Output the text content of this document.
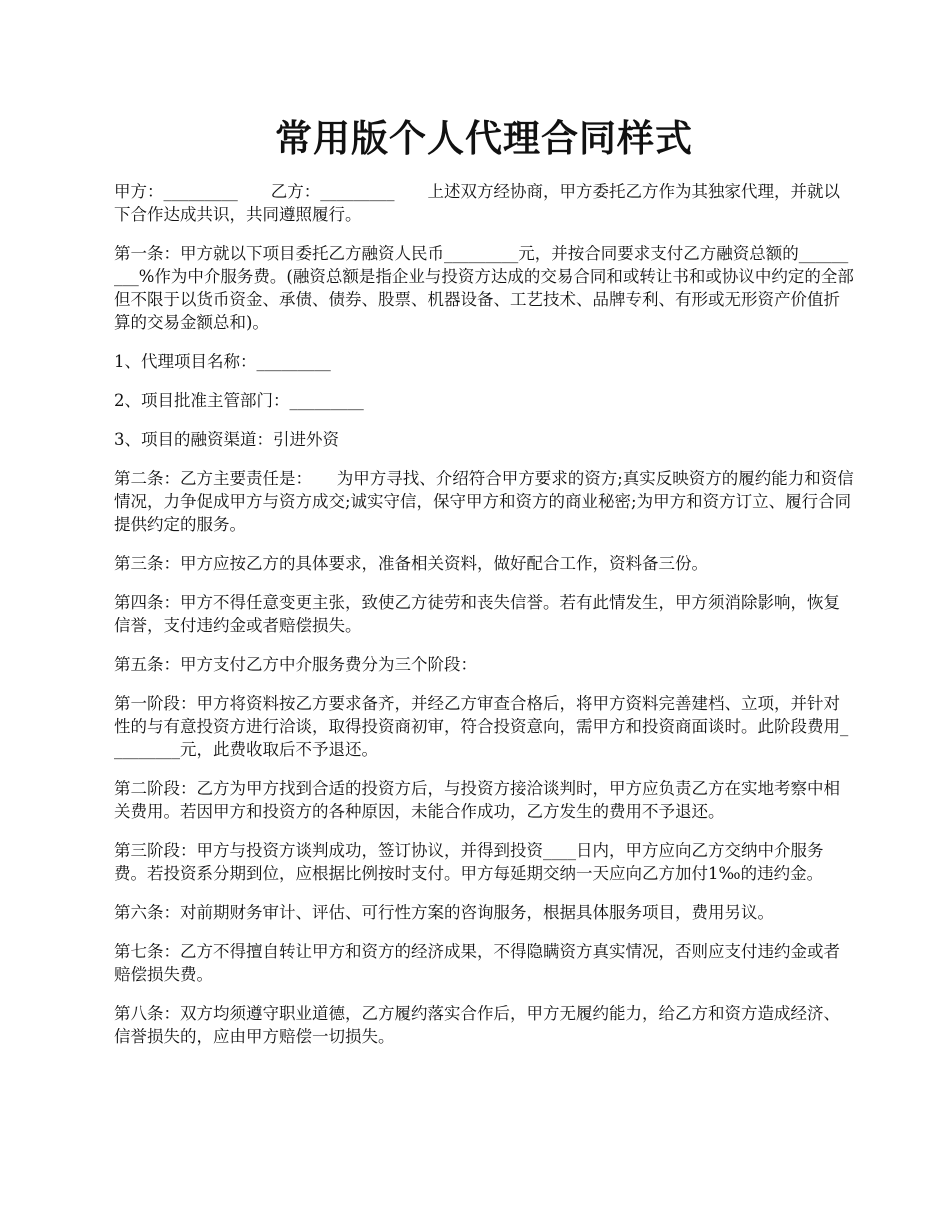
常用版个人代理合同样式

甲方：_________　　乙方：_________　　上述双方经协商，甲方委托乙方作为其独家代理，并就以下合作达成共识，共同遵照履行。

第一条：甲方就以下项目委托乙方融资人民币_________元，并按合同要求支付乙方融资总额的_________%作为中介服务费。(融资总额是指企业与投资方达成的交易合同和或转让书和或协议中约定的全部但不限于以货币资金、承债、债券、股票、机器设备、工艺技术、品牌专利、有形或无形资产价值折算的交易金额总和)。

1、代理项目名称：_________

2、项目批准主管部门：_________

3、项目的融资渠道：引进外资

第二条：乙方主要责任是：　　为甲方寻找、介绍符合甲方要求的资方;真实反映资方的履约能力和资信情况，力争促成甲方与资方成交;诚实守信，保守甲方和资方的商业秘密;为甲方和资方订立、履行合同提供约定的服务。

第三条：甲方应按乙方的具体要求，准备相关资料，做好配合工作，资料备三份。

第四条：甲方不得任意变更主张，致使乙方徒劳和丧失信誉。若有此情发生，甲方须消除影响，恢复信誉，支付违约金或者赔偿损失。

第五条：甲方支付乙方中介服务费分为三个阶段：

第一阶段：甲方将资料按乙方要求备齐，并经乙方审查合格后，将甲方资料完善建档、立项，并针对性的与有意投资方进行洽谈，取得投资商初审，符合投资意向，需甲方和投资商面谈时。此阶段费用_________元，此费收取后不予退还。

第二阶段：乙方为甲方找到合适的投资方后，与投资方接洽谈判时，甲方应负责乙方在实地考察中相关费用。若因甲方和投资方的各种原因，未能合作成功，乙方发生的费用不予退还。

第三阶段：甲方与投资方谈判成功，签订协议，并得到投资____日内，甲方应向乙方交纳中介服务费。若投资系分期到位，应根据比例按时支付。甲方每延期交纳一天应向乙方加付1‰的违约金。

第六条：对前期财务审计、评估、可行性方案的咨询服务，根据具体服务项目，费用另议。

第七条：乙方不得擅自转让甲方和资方的经济成果，不得隐瞒资方真实情况，否则应支付违约金或者赔偿损失费。

第八条：双方均须遵守职业道德，乙方履约落实合作后，甲方无履约能力，给乙方和资方造成经济、信誉损失的，应由甲方赔偿一切损失。
